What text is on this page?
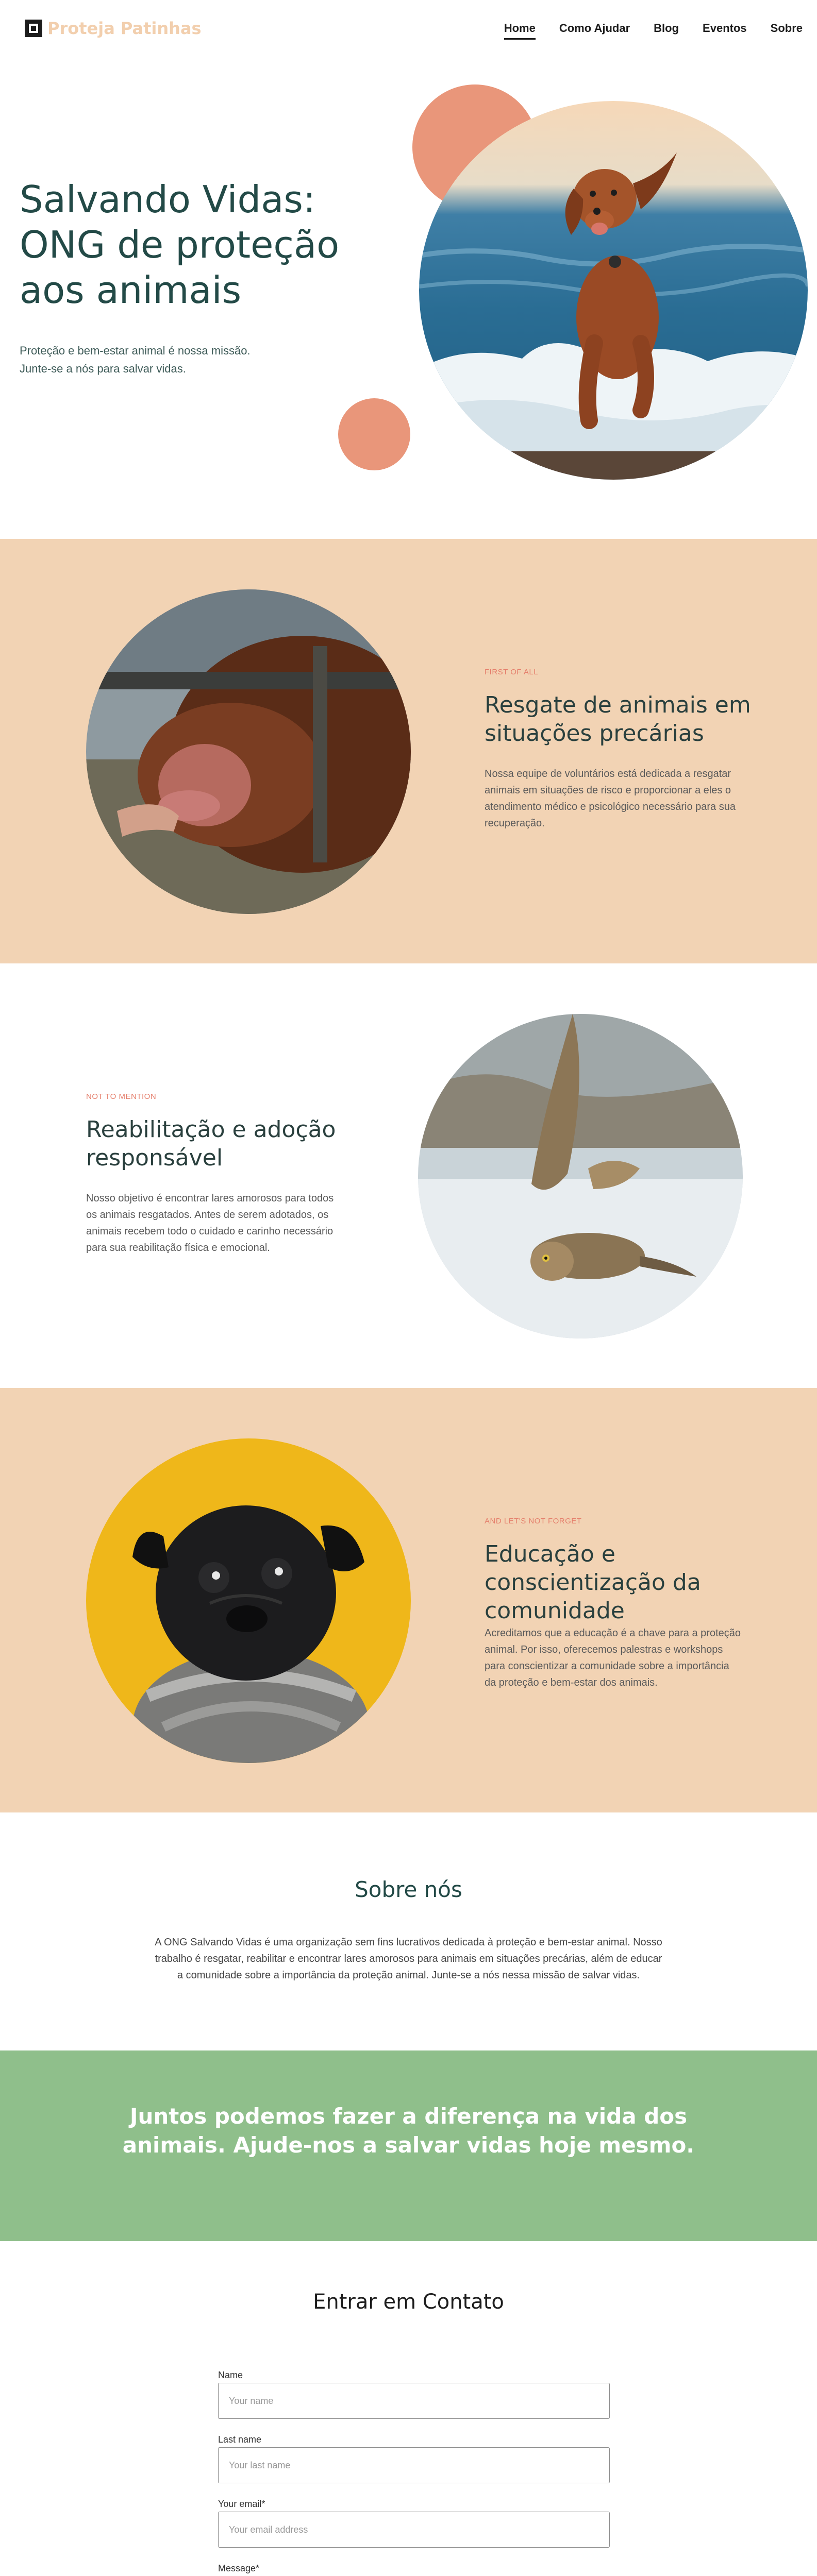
Proteja Patinhas	Home Como Ajudar Blog Eventos Sobre
Salvando Vidas: ONG de proteção aos animais

Proteção e bem-estar animal é nossa missão. Junte-se a nós para salvar vidas.

FIRST OF ALL
Resgate de animais em situações precárias

Nossa equipe de voluntários está dedicada a resgatar animais em situações de risco e proporcionar a eles o atendimento médico e psicológico necessário para sua recuperação.

NOT TO MENTION
Reabilitação e adoção responsável

Nosso objetivo é encontrar lares amorosos para todos os animais resgatados. Antes de serem adotados, os animais recebem todo o cuidado e carinho necessário para sua reabilitação física e emocional.

AND LET'S NOT FORGET
Educação e conscientização da comunidade

Acreditamos que a educação é a chave para a proteção animal. Por isso, oferecemos palestras e workshops para conscientizar a comunidade sobre a importância da proteção e bem-estar dos animais.

Sobre nós

A ONG Salvando Vidas é uma organização sem fins lucrativos dedicada à proteção e bem-estar animal. Nosso trabalho é resgatar, reabilitar e encontrar lares amorosos para animais em situações precárias, além de educar a comunidade sobre a importância da proteção animal. Junte-se a nós nessa missão de salvar vidas.

Juntos podemos fazer a diferença na vida dos animais. Ajude-nos a salvar vidas hoje mesmo.

Entrar em Contato
Name
Your name
Last name
Your last name
Your email*
Your email address
Message*
